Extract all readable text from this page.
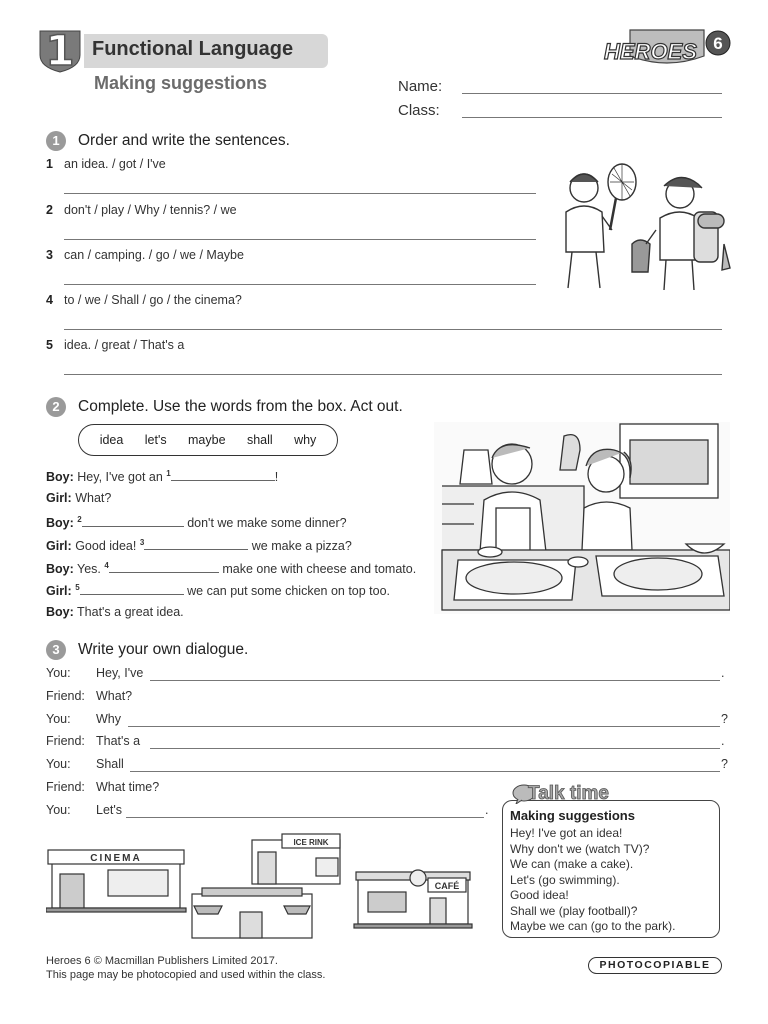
1 Functional Language
Making suggestions	Name:
Class:
HEROES 6
1	Order and write the sentences.
1 an idea. / got / I've
2 don't / play / Why / tennis? / we
3 can / camping. / go / we / Maybe
4 to / we / Shall / go / the cinema?
5 idea. / great / That's a
2	Complete. Use the words from the box. Act out.
idea let's maybe shall why
Boy: Hey, I've got an $^1$	!
Girl: What?
Boy: $^2$	don't we make some dinner?
Girl: Good idea! $^3$	we make a pizza?
Boy: Yes. $^4$	make one with cheese and tomato.
Girl: $^5$	we can put some chicken on top too.
Boy: That's a great idea.
3	Write your own dialogue.
You: Hey, I've	.
Friend: What?
You: Why	?
Friend: That's a	.
You: Shall	?
Friend: What time?
You: Let's	.
CINEMA
ICE RINK
CAFÉ
Talk time
Making suggestions
Hey! I've got an idea!
Why don't we (watch TV)?
We can (make a cake).
Let's (go swimming).
Good idea!
Shall we (play football)?
Maybe we can (go to the park).
Heroes 6 © Macmillan Publishers Limited 2017.
This page may be photocopied and used within the class.
PHOTOCOPIABLE
